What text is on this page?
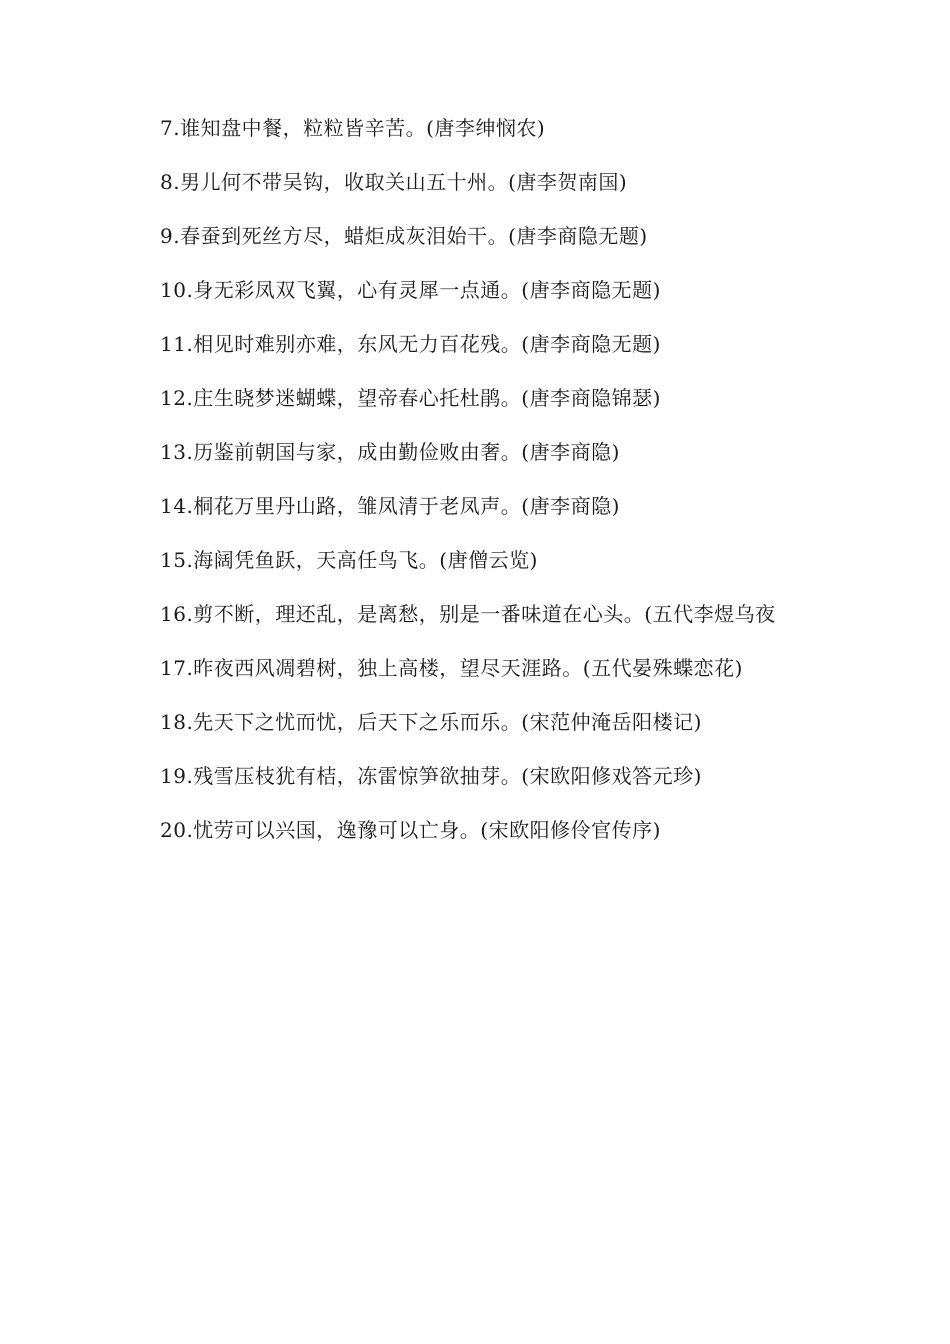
7.谁知盘中餐，粒粒皆辛苦。(唐李绅悯农)
8.男儿何不带吴钩，收取关山五十州。(唐李贺南国)
9.春蚕到死丝方尽，蜡炬成灰泪始干。(唐李商隐无题)
10.身无彩凤双飞翼，心有灵犀一点通。(唐李商隐无题)
11.相见时难别亦难，东风无力百花残。(唐李商隐无题)
12.庄生晓梦迷蝴蝶，望帝春心托杜鹃。(唐李商隐锦瑟)
13.历鉴前朝国与家，成由勤俭败由奢。(唐李商隐)
14.桐花万里丹山路，雏凤清于老凤声。(唐李商隐)
15.海阔凭鱼跃，天高任鸟飞。(唐僧云览)
16.剪不断，理还乱，是离愁，别是一番味道在心头。(五代李煜乌夜
17.昨夜西风凋碧树，独上高楼，望尽天涯路。(五代晏殊蝶恋花)
18.先天下之忧而忧，后天下之乐而乐。(宋范仲淹岳阳楼记)
19.残雪压枝犹有桔，冻雷惊笋欲抽芽。(宋欧阳修戏答元珍)
20.忧劳可以兴国，逸豫可以亡身。(宋欧阳修伶官传序)
